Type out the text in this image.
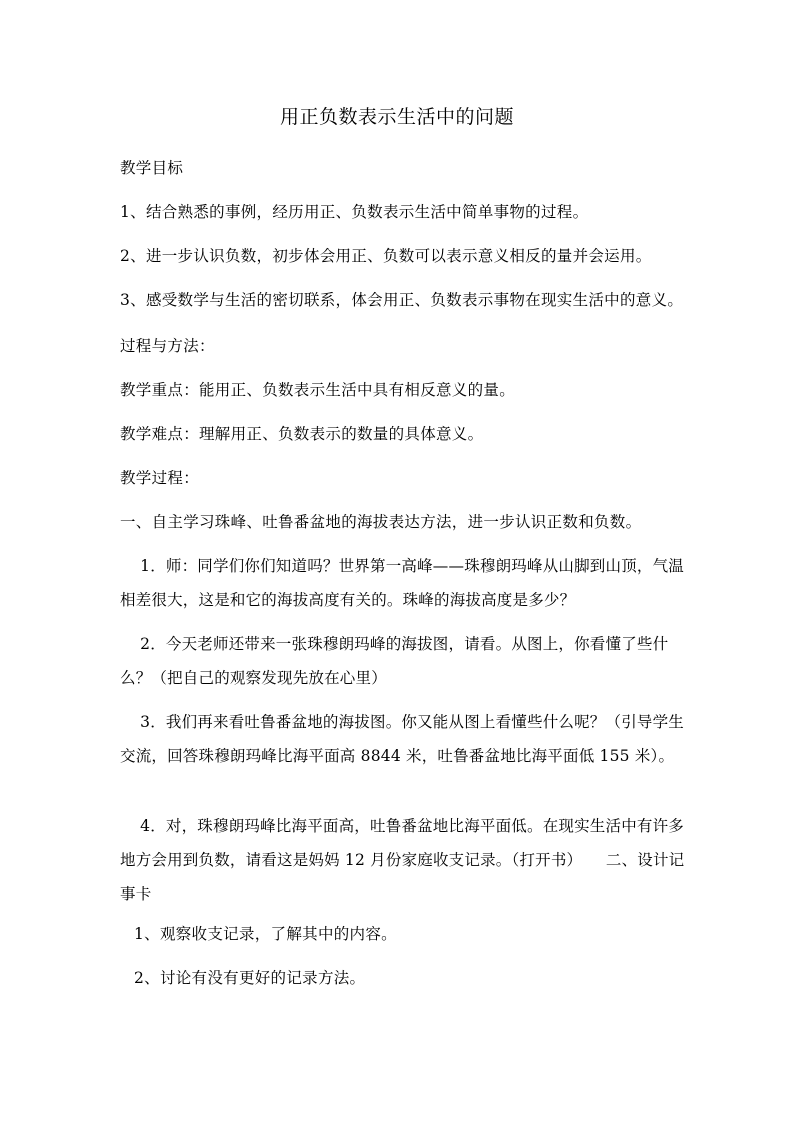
用正负数表示生活中的问题
教学目标
1、结合熟悉的事例，经历用正、负数表示生活中简单事物的过程。
2、进一步认识负数，初步体会用正、负数可以表示意义相反的量并会运用。
3、感受数学与生活的密切联系，体会用正、负数表示事物在现实生活中的意义。
过程与方法：
教学重点：能用正、负数表示生活中具有相反意义的量。
教学难点：理解用正、负数表示的数量的具体意义。
教学过程：
一、自主学习珠峰、吐鲁番盆地的海拔表达方法，进一步认识正数和负数。
1．师：同学们你们知道吗？世界第一高峰——珠穆朗玛峰从山脚到山顶，气温相差很大，这是和它的海拔高度有关的。珠峰的海拔高度是多少？
2．今天老师还带来一张珠穆朗玛峰的海拔图，请看。从图上，你看懂了些什么？（把自己的观察发现先放在心里）
3．我们再来看吐鲁番盆地的海拔图。你又能从图上看懂些什么呢？（引导学生交流，回答珠穆朗玛峰比海平面高 8844 米，吐鲁番盆地比海平面低 155 米）。
4．对，珠穆朗玛峰比海平面高，吐鲁番盆地比海平面低。在现实生活中有许多地方会用到负数，请看这是妈妈 12 月份家庭收支记录。（打开书）　　二、设计记事卡
1、观察收支记录，了解其中的内容。
2、讨论有没有更好的记录方法。
